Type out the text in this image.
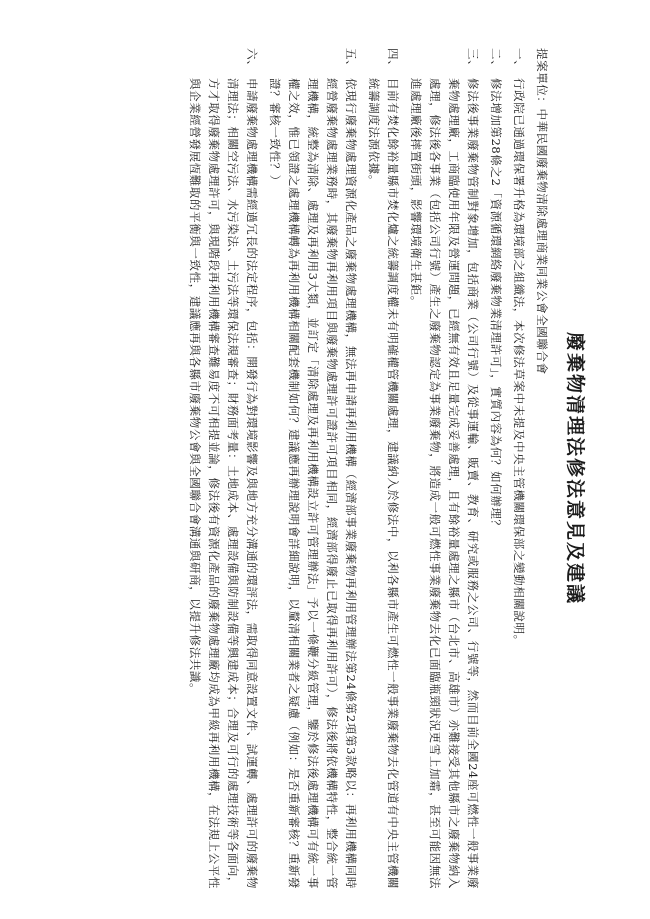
廢棄物清理法修法意見及建議
提案單位：中華民國廢棄物清除處理商業同業公會全國聯合會
一、
行政院已通過環保署升格為環境部之組織法，本次修法草案中未提及中央主管機關環保部之變動相關說明。
二、
修法增加第28條之2「資源循環網絡廢棄物業清理許可」，實質內容為何？如何辦理？
三、
修法後事業廢棄物管制對象增加，包括商業（公司行號）及從事運輸、販賣、教育、研究或服務之公司、行號等，然而目前全國24座可燃性一般事業廢棄物處理廠，工商臨使用年限及營運問題，已經無有效且足量完成妥善處理，且有餘裕量處理之縣市（台北市、高雄市）亦難接受其他縣市之廢棄物納入處理，修法後各事業（包括公司行號）產生之廢棄物認定為事業廢棄物，將造成一般可燃性事業廢棄物去化已面臨瓶頸狀況更雪上加霜，甚至可能因無法進處理廠後摔置街頭，影響環境衛生甚鉅。
四、
目前有焚化餘裕量縣市焚化爐之統籌調度權未有明確權管機關處理，建議納入於修法中，以利各縣市產生可燃性一般事業廢棄物去化管道有中央主管機關統籌調度法源依據。
五、
依現行廢棄物處理資源化產品之廢棄物處理機構，無法再申請再利用機構（經濟部事業廢棄物再利用管理辦法第24條第2項第3款略以：再利用機構同時經營廢棄物處理業務時，其廢棄物再利用項目與廢棄物處理許可證許可項目相同，經濟部得廢止已取得再利用許可），修法後將依機構特性，整合統一管理機構，統整為清除、處理及再利用3大類，並訂定「清除處理及再利用機構設立許可管理辦法」予以一條鞭分級管理，鑒於修法後處理機構可有統一事權之效，惟已領證之處理機構轉為再利用機構相關配套機制如何？建議應再辦理說明會詳細說明，以釐清相關業者之疑慮（例如：是否重新審核？重新發證？審核一致性？）
六、
申請廢棄物處理機構需經過冗長的法定程序，包括：開發行為對環境影響及與地方充分溝通的環評法，需取得同意設置文件、試運轉、處理許可的廢棄物清理法；相關空污法、水污染法、土污法等環保法規審查；財務面考量：土地成本、處理設備與防制設備等興建成本；合理及可行的處理技術等各面向，方才取得廢棄物處理許可，與現階段再利用機構審查難易度不可相提並論，修法後有資源化產品的廢棄物處理廠均成為甲級再利用機構，在法規上公平性與企業經營發展恆難取的平衡與一致性，建議應再與各縣市廢棄物公會與全國聯合會溝通與研商，以提升修法共識。
